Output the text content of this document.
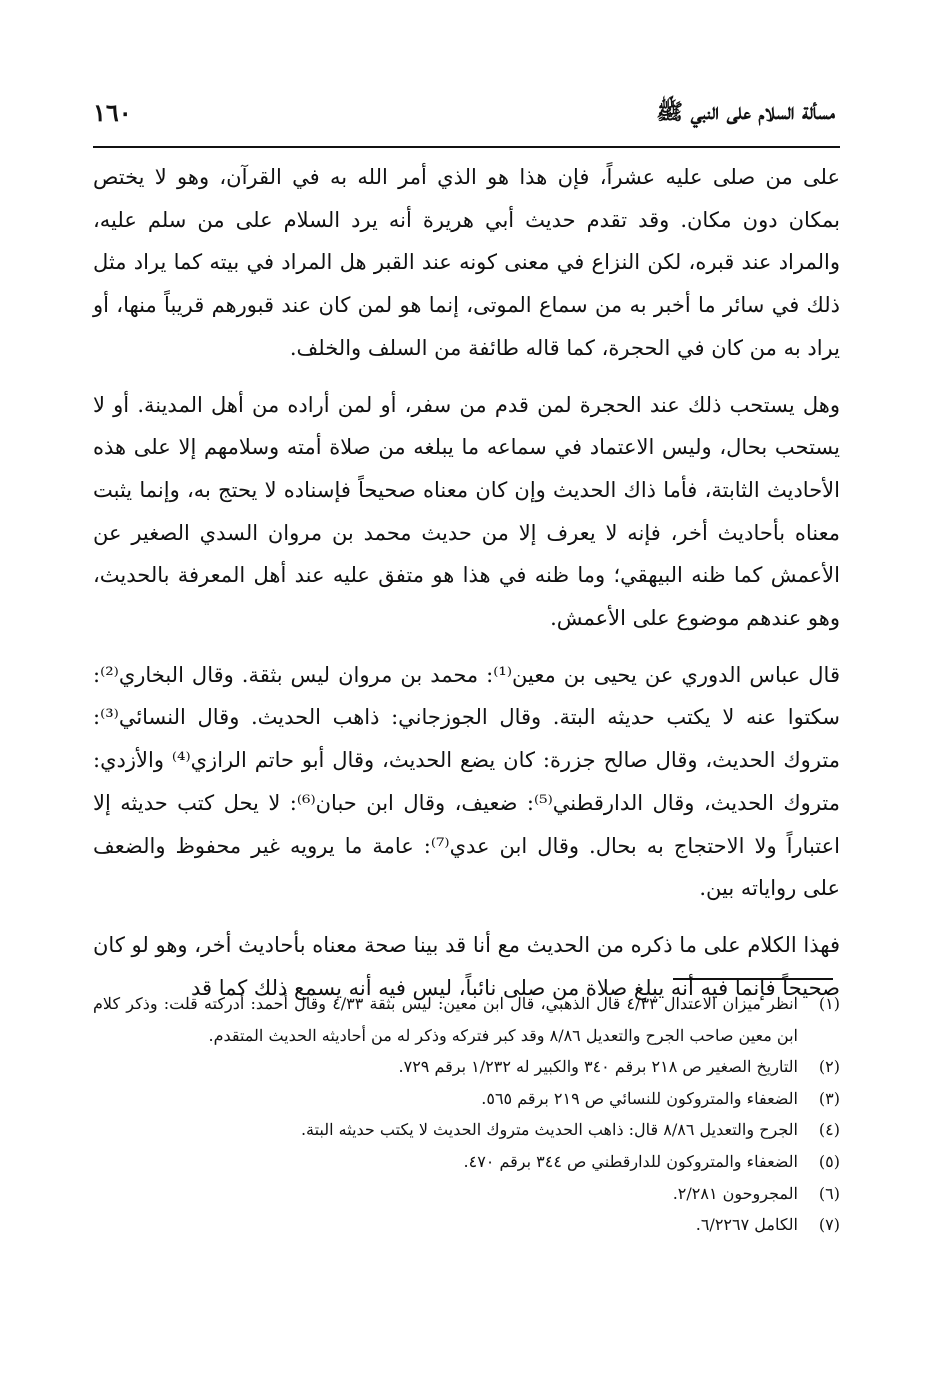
مسألة السلام على النبي ﷺ
١٦٠

على من صلى عليه عشراً، فإن هذا هو الذي أمر الله به في القرآن، وهو لا يختص بمكان دون مكان. وقد تقدم حديث أبي هريرة أنه يرد السلام على من سلم عليه، والمراد عند قبره، لكن النزاع في معنى كونه عند القبر هل المراد في بيته كما يراد مثل ذلك في سائر ما أخبر به من سماع الموتى، إنما هو لمن كان عند قبورهم قريباً منها، أو يراد به من كان في الحجرة، كما قاله طائفة من السلف والخلف.

وهل يستحب ذلك عند الحجرة لمن قدم من سفر، أو لمن أراده من أهل المدينة. أو لا يستحب بحال، وليس الاعتماد في سماعه ما يبلغه من صلاة أمته وسلامهم إلا على هذه الأحاديث الثابتة، فأما ذاك الحديث وإن كان معناه صحيحاً فإسناده لا يحتج به، وإنما يثبت معناه بأحاديث أخر، فإنه لا يعرف إلا من حديث محمد بن مروان السدي الصغير عن الأعمش كما ظنه البيهقي؛ وما ظنه في هذا هو متفق عليه عند أهل المعرفة بالحديث، وهو عندهم موضوع على الأعمش.

قال عباس الدوري عن يحيى بن معين⁽¹⁾: محمد بن مروان ليس بثقة. وقال البخاري⁽²⁾: سكتوا عنه لا يكتب حديثه البتة. وقال الجوزجاني: ذاهب الحديث. وقال النسائي⁽³⁾: متروك الحديث، وقال صالح جزرة: كان يضع الحديث، وقال أبو حاتم الرازي⁽⁴⁾ والأزدي: متروك الحديث، وقال الدارقطني⁽⁵⁾: ضعيف، وقال ابن حبان⁽⁶⁾: لا يحل كتب حديثه إلا اعتباراً ولا الاحتجاج به بحال. وقال ابن عدي⁽⁷⁾: عامة ما يرويه غير محفوظ والضعف على رواياته بين.

فهذا الكلام على ما ذكره من الحديث مع أنا قد بينا صحة معناه بأحاديث أخر، وهو لو كان صحيحاً فإنما فيه أنه يبلغ صلاة من صلى نائباً، ليس فيه أنه يسمع ذلك كما قد

(١)
انظر ميزان الاعتدال ٤/٣٣ قال الذهبي، قال ابن معين: ليس بثقة ٤/٣٣ وقال أحمد: أدركته قلت: وذكر كلام ابن معين صاحب الجرح والتعديل ٨/٨٦ وقد كبر فتركه وذكر له من أحاديثه الحديث المتقدم.

(٢)
التاريخ الصغير ص ٢١٨ برقم ٣٤٠ والكبير له ١/٢٣٢ برقم ٧٢٩.

(٣)
الضعفاء والمتروكون للنسائي ص ٢١٩ برقم ٥٦٥.

(٤)
الجرح والتعديل ٨/٨٦ قال: ذاهب الحديث متروك الحديث لا يكتب حديثه البتة.

(٥)
الضعفاء والمتروكون للدارقطني ص ٣٤٤ برقم ٤٧٠.

(٦)
المجروحون ٢/٢٨١.

(٧)
الكامل ٦/٢٢٦٧.
